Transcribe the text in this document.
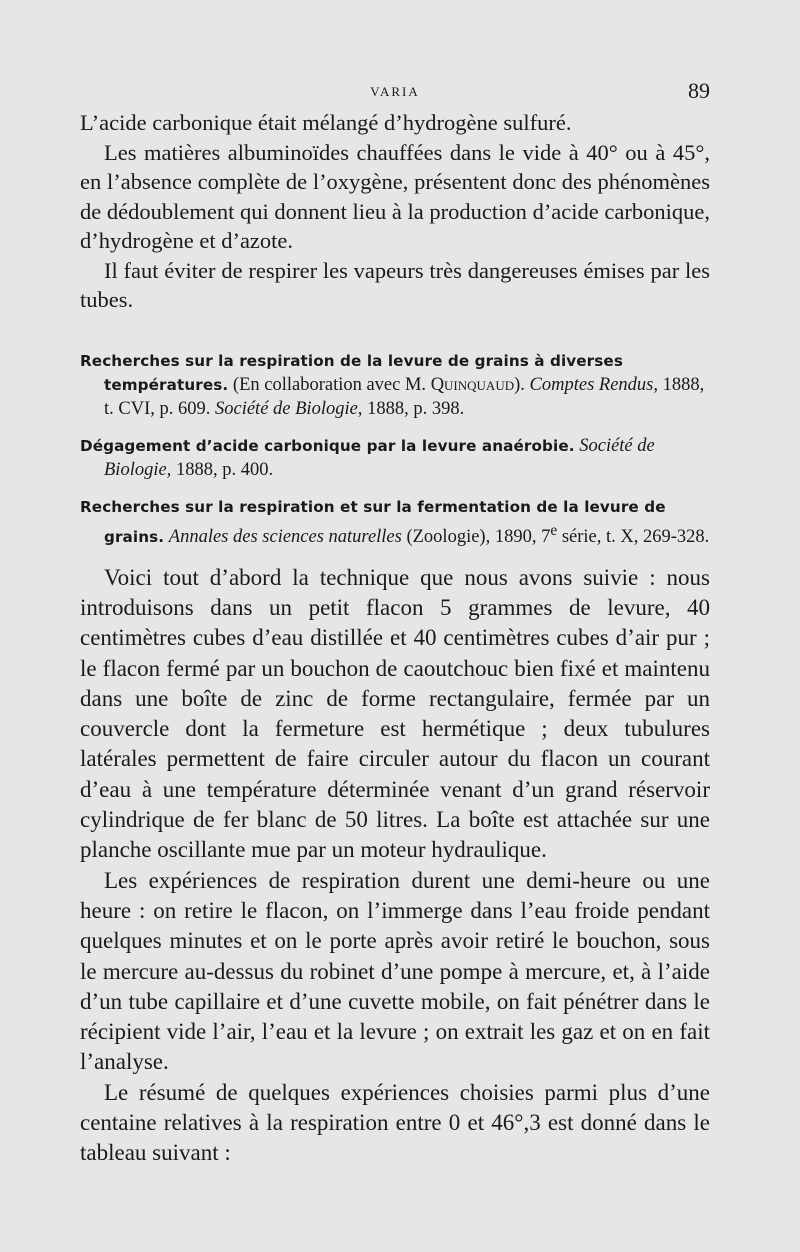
VARIA	89

L’acide carbonique était mélangé d’hydrogène sulfuré.

Les matières albuminoïdes chauffées dans le vide à 40° ou à 45°, en l’absence complète de l’oxygène, présentent donc des phénomènes de dédoublement qui donnent lieu à la production d’acide carbonique, d’hydrogène et d’azote.

Il faut éviter de respirer les vapeurs très dangereuses émises par les tubes.

Recherches sur la respiration de la levure de grains à diverses températures. (En collaboration avec M. Quinquaud). Comptes Rendus, 1888, t. CVI, p. 609. Société de Biologie, 1888, p. 398.

Dégagement d’acide carbonique par la levure anaérobie. Société de Biologie, 1888, p. 400.

Recherches sur la respiration et sur la fermentation de la levure de grains. Annales des sciences naturelles (Zoologie), 1890, 7e série, t. X, 269-328.

Voici tout d’abord la technique que nous avons suivie : nous introduisons dans un petit flacon 5 grammes de levure, 40 centimètres cubes d’eau distillée et 40 centimètres cubes d’air pur ; le flacon fermé par un bouchon de caoutchouc bien fixé et maintenu dans une boîte de zinc de forme rectangulaire, fermée par un couvercle dont la fermeture est hermétique ; deux tubulures latérales permettent de faire circuler autour du flacon un courant d’eau à une température déterminée venant d’un grand réservoir cylindrique de fer blanc de 50 litres. La boîte est attachée sur une planche oscillante mue par un moteur hydraulique.

Les expériences de respiration durent une demi-heure ou une heure : on retire le flacon, on l’immerge dans l’eau froide pendant quelques minutes et on le porte après avoir retiré le bouchon, sous le mercure au-dessus du robinet d’une pompe à mercure, et, à l’aide d’un tube capillaire et d’une cuvette mobile, on fait pénétrer dans le récipient vide l’air, l’eau et la levure ; on extrait les gaz et on en fait l’analyse.

Le résumé de quelques expériences choisies parmi plus d’une centaine relatives à la respiration entre 0 et 46°,3 est donné dans le tableau suivant :
